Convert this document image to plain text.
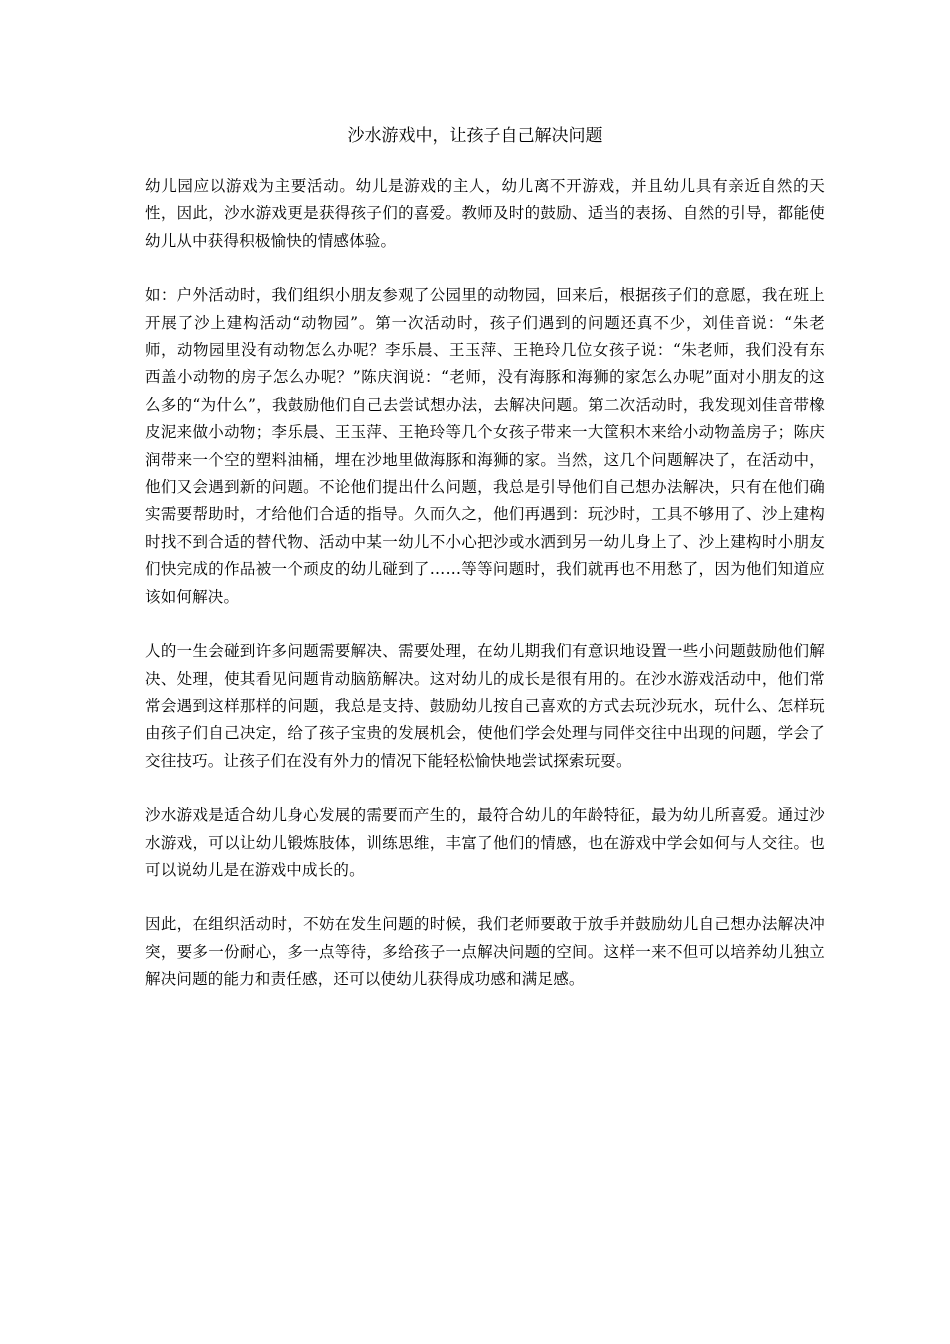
沙水游戏中，让孩子自己解决问题

幼儿园应以游戏为主要活动。幼儿是游戏的主人，幼儿离不开游戏，并且幼儿具有亲近自然的天性，因此，沙水游戏更是获得孩子们的喜爱。教师及时的鼓励、适当的表扬、自然的引导，都能使幼儿从中获得积极愉快的情感体验。

如：户外活动时，我们组织小朋友参观了公园里的动物园，回来后，根据孩子们的意愿，我在班上开展了沙上建构活动“动物园”。第一次活动时，孩子们遇到的问题还真不少，刘佳音说：“朱老师，动物园里没有动物怎么办呢？李乐晨、王玉萍、王艳玲几位女孩子说：“朱老师，我们没有东西盖小动物的房子怎么办呢？”陈庆润说：“老师，没有海豚和海狮的家怎么办呢”面对小朋友的这么多的“为什么”，我鼓励他们自己去尝试想办法，去解决问题。第二次活动时，我发现刘佳音带橡皮泥来做小动物；李乐晨、王玉萍、王艳玲等几个女孩子带来一大筐积木来给小动物盖房子；陈庆润带来一个空的塑料油桶，埋在沙地里做海豚和海狮的家。当然，这几个问题解决了，在活动中，他们又会遇到新的问题。不论他们提出什么问题，我总是引导他们自己想办法解决，只有在他们确实需要帮助时，才给他们合适的指导。久而久之，他们再遇到：玩沙时，工具不够用了、沙上建构时找不到合适的替代物、活动中某一幼儿不小心把沙或水洒到另一幼儿身上了、沙上建构时小朋友们快完成的作品被一个顽皮的幼儿碰到了……等等问题时，我们就再也不用愁了，因为他们知道应该如何解决。

人的一生会碰到许多问题需要解决、需要处理，在幼儿期我们有意识地设置一些小问题鼓励他们解决、处理，使其看见问题肯动脑筋解决。这对幼儿的成长是很有用的。在沙水游戏活动中，他们常常会遇到这样那样的问题，我总是支持、鼓励幼儿按自己喜欢的方式去玩沙玩水，玩什么、怎样玩由孩子们自己决定，给了孩子宝贵的发展机会，使他们学会处理与同伴交往中出现的问题，学会了交往技巧。让孩子们在没有外力的情况下能轻松愉快地尝试探索玩耍。

沙水游戏是适合幼儿身心发展的需要而产生的，最符合幼儿的年龄特征，最为幼儿所喜爱。通过沙水游戏，可以让幼儿锻炼肢体，训练思维，丰富了他们的情感，也在游戏中学会如何与人交往。也可以说幼儿是在游戏中成长的。

因此，在组织活动时，不妨在发生问题的时候，我们老师要敢于放手并鼓励幼儿自己想办法解决冲突，要多一份耐心，多一点等待，多给孩子一点解决问题的空间。这样一来不但可以培养幼儿独立解决问题的能力和责任感，还可以使幼儿获得成功感和满足感。
